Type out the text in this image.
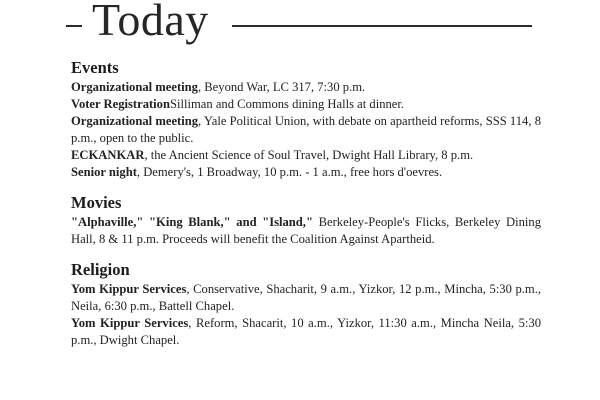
Today
Events

Organizational meeting, Beyond War, LC 317, 7:30 p.m.

Voter RegistrationSilliman and Commons dining Halls at dinner.

Organizational meeting, Yale Political Union, with debate on apartheid reforms, SSS 114, 8 p.m., open to the public.

ECKANKAR, the Ancient Science of Soul Travel, Dwight Hall Library, 8 p.m.

Senior night, Demery's, 1 Broadway, 10 p.m. - 1 a.m., free hors d'oevres.

Movies

"Alphaville," "King Blank," and "Island," Berkeley-People's Flicks, Berkeley Dining Hall, 8 & 11 p.m. Proceeds will benefit the Coalition Against Apartheid.

Religion

Yom Kippur Services, Conservative, Shacharit, 9 a.m., Yizkor, 12 p.m., Mincha, 5:30 p.m., Neila, 6:30 p.m., Battell Chapel.

Yom Kippur Services, Reform, Shacarit, 10 a.m., Yizkor, 11:30 a.m., Mincha Neila, 5:30 p.m., Dwight Chapel.
